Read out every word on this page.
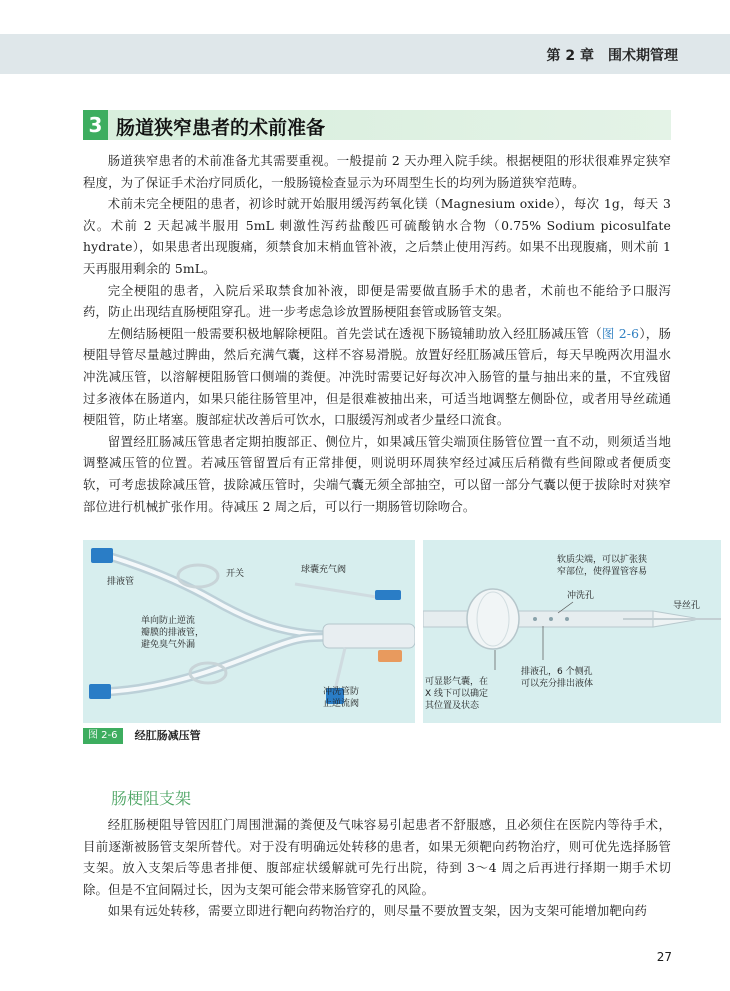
第 2 章　围术期管理
3 肠道狭窄患者的术前准备

肠道狭窄患者的术前准备尤其需要重视。一般提前 2 天办理入院手续。根据梗阻的形状很难界定狭窄程度，为了保证手术治疗同质化，一般肠镜检查显示为环周型生长的均列为肠道狭窄范畴。

术前未完全梗阻的患者，初诊时就开始服用缓泻药氧化镁（Magnesium oxide），每次 1g，每天 3 次。术前 2 天起减半服用 5mL 刺激性泻药盐酸匹可硫酸钠水合物（0.75% Sodium picosulfate hydrate），如果患者出现腹痛，须禁食加末梢血管补液，之后禁止使用泻药。如果不出现腹痛，则术前 1 天再服用剩余的 5mL。

完全梗阻的患者，入院后采取禁食加补液，即便是需要做直肠手术的患者，术前也不能给予口服泻药，防止出现结直肠梗阻穿孔。进一步考虑急诊放置肠梗阻套管或肠管支架。

左侧结肠梗阻一般需要积极地解除梗阻。首先尝试在透视下肠镜辅助放入经肛肠减压管（图 2-6），肠梗阻导管尽量越过脾曲，然后充满气囊，这样不容易滑脱。放置好经肛肠减压管后，每天早晚两次用温水冲洗减压管，以溶解梗阻肠管口侧端的粪便。冲洗时需要记好每次冲入肠管的量与抽出来的量，不宜残留过多液体在肠道内，如果只能往肠管里冲，但是很难被抽出来，可适当地调整左侧卧位，或者用导丝疏通梗阻管，防止堵塞。腹部症状改善后可饮水，口服缓泻剂或者少量经口流食。

留置经肛肠减压管患者定期拍腹部正、侧位片，如果减压管尖端顶住肠管位置一直不动，则须适当地调整减压管的位置。若减压管留置后有正常排便，则说明环周狭窄经过减压后稍微有些间隙或者便质变软，可考虑拔除减压管，拔除减压管时，尖端气囊无须全部抽空，可以留一部分气囊以便于拔除时对狭窄部位进行机械扩张作用。待减压 2 周之后，可以行一期肠管切除吻合。

排液管
开关	球囊充气阀
单向防止逆流
瓣膜的排液管，
避免臭气外漏
冲洗管防
止逆流阀
软质尖端，可以扩张狭
窄部位，使得置管容易
冲洗孔
导丝孔
排液孔，6 个侧孔
可以充分排出液体
可显影气囊，在
X 线下可以确定
其位置及状态
图 2-6 经肛肠减压管
肠梗阻支架

经肛肠梗阻导管因肛门周围泄漏的粪便及气味容易引起患者不舒服感，且必须住在医院内等待手术，目前逐渐被肠管支架所替代。对于没有明确远处转移的患者，如果无须靶向药物治疗，则可优先选择肠管支架。放入支架后等患者排便、腹部症状缓解就可先行出院，待到 3～4 周之后再进行择期一期手术切除。但是不宜间隔过长，因为支架可能会带来肠管穿孔的风险。

如果有远处转移，需要立即进行靶向药物治疗的，则尽量不要放置支架，因为支架可能增加靶向药

27
